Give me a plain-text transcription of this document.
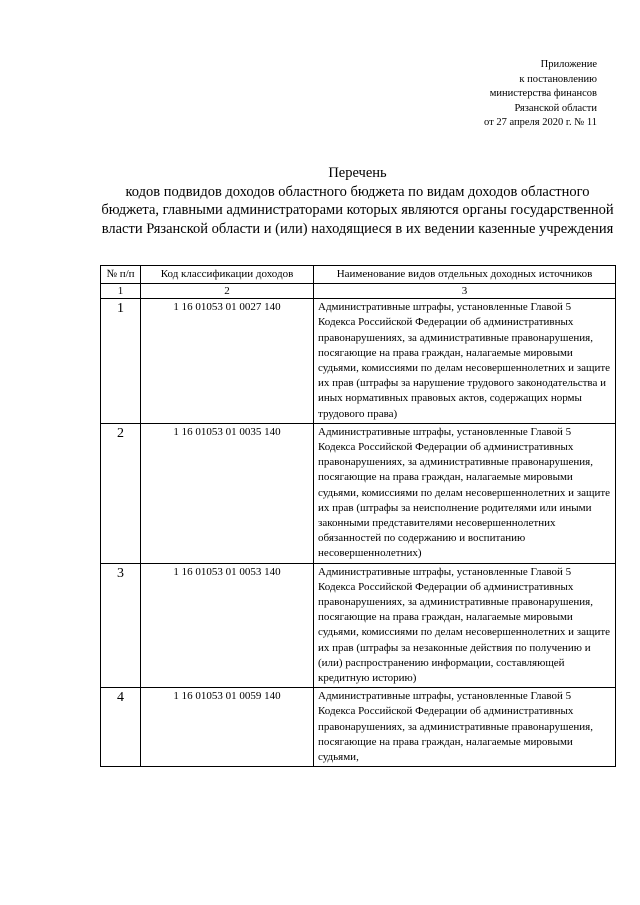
Приложение
к постановлению
министерства финансов
Рязанской области
от 27 апреля 2020 г. № 11
Перечень
кодов подвидов доходов областного бюджета по видам доходов областного бюджета, главными администраторами которых являются органы государственной власти Рязанской области и (или) находящиеся в их ведении казенные учреждения
№ п/п	Код классификации доходов	Наименование видов отдельных доходных источников
1	2	3
1	1 16 01053 01 0027 140	Административные штрафы, установленные Главой 5 Кодекса Российской Федерации об административных правонарушениях, за административные правонарушения, посягающие на права граждан, налагаемые мировыми судьями, комиссиями по делам несовершеннолетних и защите их прав (штрафы за нарушение трудового законодательства и иных нормативных правовых актов, содержащих нормы трудового права)
2	1 16 01053 01 0035 140	Административные штрафы, установленные Главой 5 Кодекса Российской Федерации об административных правонарушениях, за административные правонарушения, посягающие на права граждан, налагаемые мировыми судьями, комиссиями по делам несовершеннолетних и защите их прав (штрафы за неисполнение родителями или иными законными представителями несовершеннолетних обязанностей по содержанию и воспитанию несовершеннолетних)
3	1 16 01053 01 0053 140	Административные штрафы, установленные Главой 5 Кодекса Российской Федерации об административных правонарушениях, за административные правонарушения, посягающие на права граждан, налагаемые мировыми судьями, комиссиями по делам несовершеннолетних и защите их прав (штрафы за незаконные действия по получению и (или) распространению информации, составляющей кредитную историю)
4	1 16 01053 01 0059 140	Административные штрафы, установленные Главой 5 Кодекса Российской Федерации об административных правонарушениях, за административные правонарушения, посягающие на права граждан, налагаемые мировыми судьями,
